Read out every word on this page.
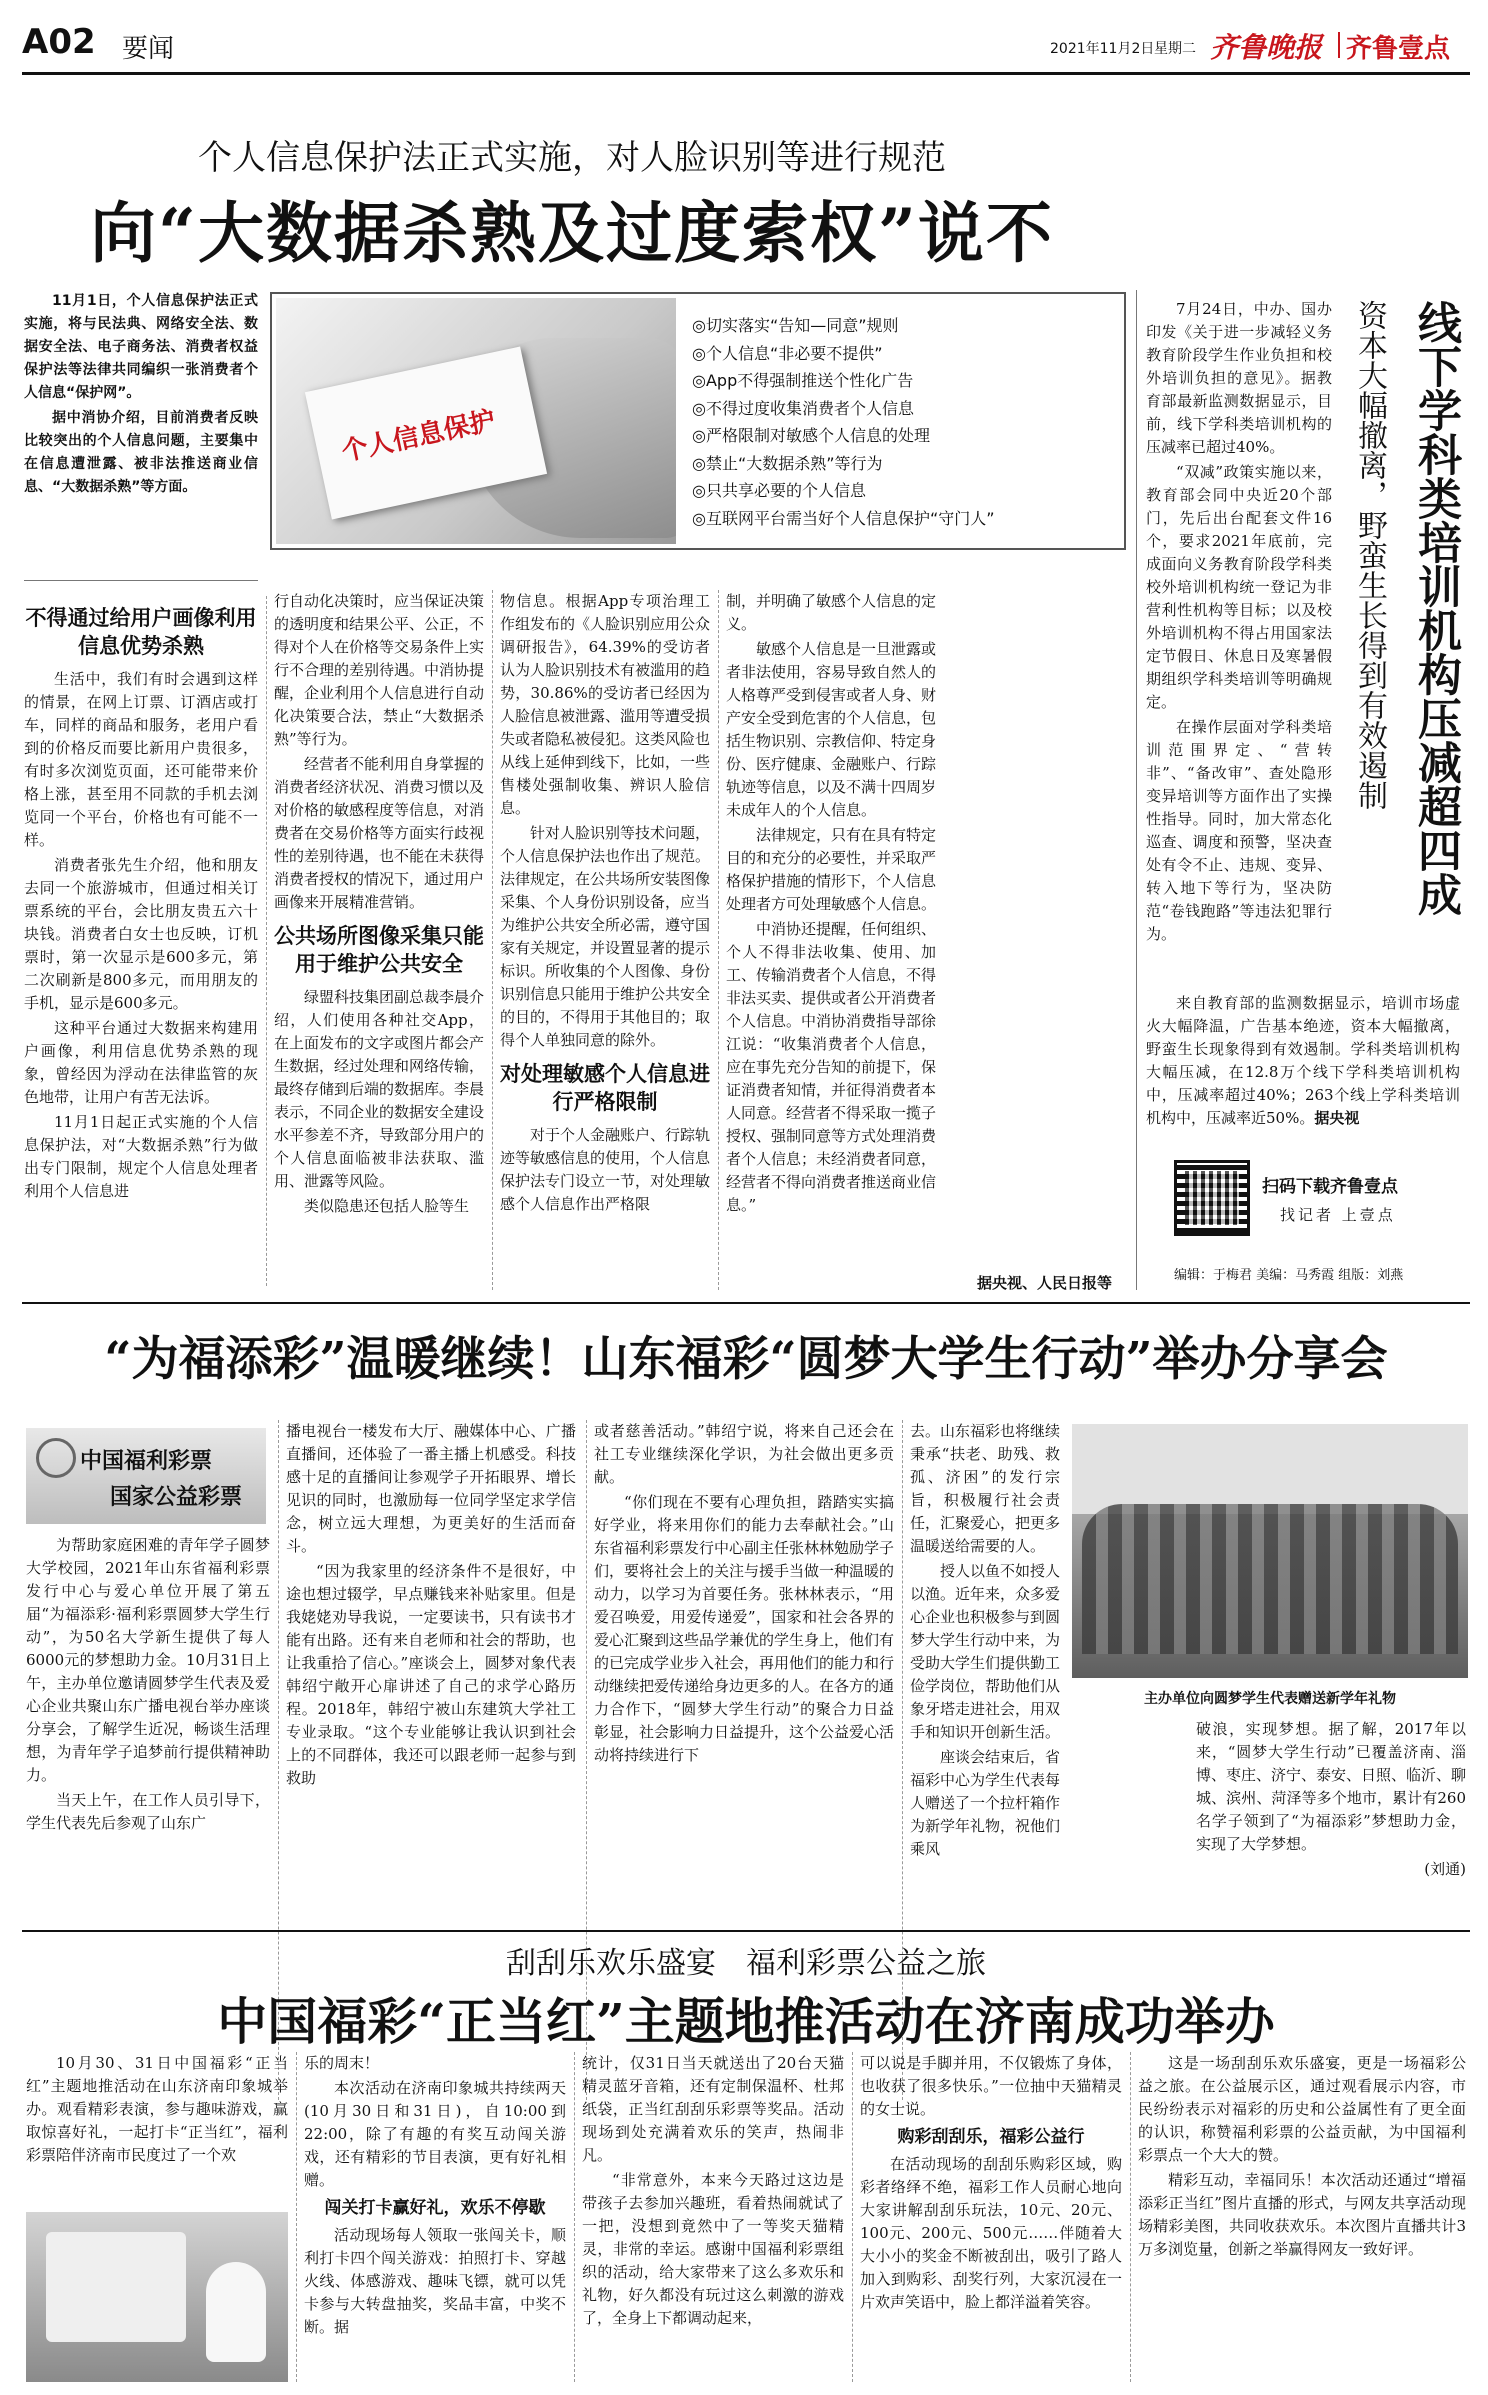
A02 要闻	2021年11月2日 星期二 齐鲁晚报 齐鲁壹点
个人信息保护法正式实施，对人脸识别等进行规范
向“大数据杀熟及过度索权”说不

11月1日，个人信息保护法正式实施，将与民法典、网络安全法、数据安全法、电子商务法、消费者权益保护法等法律共同编织一张消费者个人信息“保护网”。

据中消协介绍，目前消费者反映比较突出的个人信息问题，主要集中在信息遭泄露、被非法推送商业信息、“大数据杀熟”等方面。

个人信息保护
◎切实落实“告知—同意”规则
◎个人信息“非必要不提供”
◎App不得强制推送个性化广告
◎不得过度收集消费者个人信息
◎严格限制对敏感个人信息的处理
◎禁止“大数据杀熟”等行为
◎只共享必要的个人信息
◎互联网平台需当好个人信息保护“守门人”
不得通过给用户画像利用信息优势杀熟

生活中，我们有时会遇到这样的情景，在网上订票、订酒店或打车，同样的商品和服务，老用户看到的价格反而要比新用户贵很多，有时多次浏览页面，还可能带来价格上涨，甚至用不同款的手机去浏览同一个平台，价格也有可能不一样。

消费者张先生介绍，他和朋友去同一个旅游城市，但通过相关订票系统的平台，会比朋友贵五六十块钱。消费者白女士也反映，订机票时，第一次显示是600多元，第二次刷新是800多元，而用朋友的手机，显示是600多元。

这种平台通过大数据来构建用户画像，利用信息优势杀熟的现象，曾经因为浮动在法律监管的灰色地带，让用户有苦无法诉。

11月1日起正式实施的个人信息保护法，对“大数据杀熟”行为做出专门限制，规定个人信息处理者利用个人信息进

行自动化决策时，应当保证决策的透明度和结果公平、公正，不得对个人在价格等交易条件上实行不合理的差别待遇。中消协提醒，企业利用个人信息进行自动化决策要合法，禁止“大数据杀熟”等行为。

经营者不能利用自身掌握的消费者经济状况、消费习惯以及对价格的敏感程度等信息，对消费者在交易价格等方面实行歧视性的差别待遇，也不能在未获得消费者授权的情况下，通过用户画像来开展精准营销。

公共场所图像采集只能用于维护公共安全

绿盟科技集团副总裁李晨介绍，人们使用各种社交App，在上面发布的文字或图片都会产生数据，经过处理和网络传输，最终存储到后端的数据库。李晨表示，不同企业的数据安全建设水平参差不齐，导致部分用户的个人信息面临被非法获取、滥用、泄露等风险。

类似隐患还包括人脸等生

物信息。根据App专项治理工作组发布的《人脸识别应用公众调研报告》，64.39%的受访者认为人脸识别技术有被滥用的趋势，30.86%的受访者已经因为人脸信息被泄露、滥用等遭受损失或者隐私被侵犯。这类风险也从线上延伸到线下，比如，一些售楼处强制收集、辨识人脸信息。

针对人脸识别等技术问题，个人信息保护法也作出了规范。法律规定，在公共场所安装图像采集、个人身份识别设备，应当为维护公共安全所必需，遵守国家有关规定，并设置显著的提示标识。所收集的个人图像、身份识别信息只能用于维护公共安全的目的，不得用于其他目的；取得个人单独同意的除外。

对处理敏感个人信息进行严格限制

对于个人金融账户、行踪轨迹等敏感信息的使用，个人信息保护法专门设立一节，对处理敏感个人信息作出严格限

制，并明确了敏感个人信息的定义。

敏感个人信息是一旦泄露或者非法使用，容易导致自然人的人格尊严受到侵害或者人身、财产安全受到危害的个人信息，包括生物识别、宗教信仰、特定身份、医疗健康、金融账户、行踪轨迹等信息，以及不满十四周岁未成年人的个人信息。

法律规定，只有在具有特定目的和充分的必要性，并采取严格保护措施的情形下，个人信息处理者方可处理敏感个人信息。

中消协还提醒，任何组织、个人不得非法收集、使用、加工、传输消费者个人信息，不得非法买卖、提供或者公开消费者个人信息。中消协消费指导部徐江说：“收集消费者个人信息，应在事先充分告知的前提下，保证消费者知情，并征得消费者本人同意。经营者不得采取一揽子授权、强制同意等方式处理消费者个人信息；未经消费者同意，经营者不得向消费者推送商业信息。”

据央视、人民日报等
线下学科类培训机构压减超四成
资本大幅撤离，野蛮生长得到有效遏制

7月24日，中办、国办印发《关于进一步减轻义务教育阶段学生作业负担和校外培训负担的意见》。据教育部最新监测数据显示，目前，线下学科类培训机构的压减率已超过40%。

“双减”政策实施以来，教育部会同中央近20个部门，先后出台配套文件16个，要求2021年底前，完成面向义务教育阶段学科类校外培训机构统一登记为非营利性机构等目标；以及校外培训机构不得占用国家法定节假日、休息日及寒暑假期组织学科类培训等明确规定。

在操作层面对学科类培训范围界定、“营转非”、“备改审”、查处隐形变异培训等方面作出了实操性指导。同时，加大常态化巡查、调度和预警，坚决查处有令不止、违规、变异、转入地下等行为，坚决防范“卷钱跑路”等违法犯罪行为。

来自教育部的监测数据显示，培训市场虚火大幅降温，广告基本绝迹，资本大幅撤离，野蛮生长现象得到有效遏制。学科类培训机构大幅压减，在12.8万个线下学科类培训机构中，压减率超过40%；263个线上学科类培训机构中，压减率近50%。据央视

扫码下载齐鲁壹点
找记者 上壹点
编辑：于梅君 美编：马秀霞 组版：刘燕
“为福添彩”温暖继续！山东福彩“圆梦大学生行动”举办分享会
中国福利彩票
国家公益彩票

为帮助家庭困难的青年学子圆梦大学校园，2021年山东省福利彩票发行中心与爱心单位开展了第五届“为福添彩·福利彩票圆梦大学生行动”，为50名大学新生提供了每人6000元的梦想助力金。10月31日上午，主办单位邀请圆梦学生代表及爱心企业共聚山东广播电视台举办座谈分享会，了解学生近况，畅谈生活理想，为青年学子追梦前行提供精神助力。

当天上午，在工作人员引导下，学生代表先后参观了山东广

播电视台一楼发布大厅、融媒体中心、广播直播间，还体验了一番主播上机感受。科技感十足的直播间让参观学子开拓眼界、增长见识的同时，也激励每一位同学坚定求学信念，树立远大理想，为更美好的生活而奋斗。

“因为我家里的经济条件不是很好，中途也想过辍学，早点赚钱来补贴家里。但是我姥姥劝导我说，一定要读书，只有读书才能有出路。还有来自老师和社会的帮助，也让我重拾了信心。”座谈会上，圆梦对象代表韩绍宁敞开心扉讲述了自己的求学心路历程。2018年，韩绍宁被山东建筑大学社工专业录取。“这个专业能够让我认识到社会上的不同群体，我还可以跟老师一起参与到救助

或者慈善活动。”韩绍宁说，将来自己还会在社工专业继续深化学识，为社会做出更多贡献。

“你们现在不要有心理负担，踏踏实实搞好学业，将来用你们的能力去奉献社会。”山东省福利彩票发行中心副主任张林林勉励学子们，要将社会上的关注与援手当做一种温暖的动力，以学习为首要任务。张林林表示，“用爱召唤爱，用爱传递爱”，国家和社会各界的爱心汇聚到这些品学兼优的学生身上，他们有的已完成学业步入社会，再用他们的能力和行动继续把爱传递给身边更多的人。在各方的通力合作下，“圆梦大学生行动”的聚合力日益彰显，社会影响力日益提升，这个公益爱心活动将持续进行下

去。山东福彩也将继续秉承“扶老、助残、救孤、济困”的发行宗旨，积极履行社会责任，汇聚爱心，把更多温暖送给需要的人。

授人以鱼不如授人以渔。近年来，众多爱心企业也积极参与到圆梦大学生行动中来，为受助大学生们提供勤工俭学岗位，帮助他们从象牙塔走进社会，用双手和知识开创新生活。

座谈会结束后，省福彩中心为学生代表每人赠送了一个拉杆箱作为新学年礼物，祝他们乘风

主办单位向圆梦学生代表赠送新学年礼物

破浪，实现梦想。据了解，2017年以来，“圆梦大学生行动”已覆盖济南、淄博、枣庄、济宁、泰安、日照、临沂、聊城、滨州、菏泽等多个地市，累计有260名学子领到了“为福添彩”梦想助力金，实现了大学梦想。

(刘通)
刮刮乐欢乐盛宴　福利彩票公益之旅
中国福彩“正当红”主题地推活动在济南成功举办

10月30、31日中国福彩“正当红”主题地推活动在山东济南印象城举办。观看精彩表演，参与趣味游戏，赢取惊喜好礼，一起打卡“正当红”，福利彩票陪伴济南市民度过了一个欢

乐的周末！

本次活动在济南印象城共持续两天(10月30日和31日)，自10:00到22:00，除了有趣的有奖互动闯关游戏，还有精彩的节目表演，更有好礼相赠。

闯关打卡赢好礼，欢乐不停歇

活动现场每人领取一张闯关卡，顺利打卡四个闯关游戏：拍照打卡、穿越火线、体感游戏、趣味飞镖，就可以凭卡参与大转盘抽奖，奖品丰富，中奖不断。据

统计，仅31日当天就送出了20台天猫精灵蓝牙音箱，还有定制保温杯、杜邦纸袋，正当红刮刮乐彩票等奖品。活动现场到处充满着欢乐的笑声，热闹非凡。

“非常意外，本来今天路过这边是带孩子去参加兴趣班，看着热闹就试了一把，没想到竟然中了一等奖天猫精灵，非常的幸运。感谢中国福利彩票组织的活动，给大家带来了这么多欢乐和礼物，好久都没有玩过这么刺激的游戏了，全身上下都调动起来，

可以说是手脚并用，不仅锻炼了身体，也收获了很多快乐。”一位抽中天猫精灵的女士说。

购彩刮刮乐，福彩公益行

在活动现场的刮刮乐购彩区域，购彩者络绎不绝，福彩工作人员耐心地向大家讲解刮刮乐玩法，10元、20元、100元、200元、500元……伴随着大大小小的奖金不断被刮出，吸引了路人加入到购彩、刮奖行列，大家沉浸在一片欢声笑语中，脸上都洋溢着笑容。

这是一场刮刮乐欢乐盛宴，更是一场福彩公益之旅。在公益展示区，通过观看展示内容，市民纷纷表示对福彩的历史和公益属性有了更全面的认识，称赞福利彩票的公益贡献，为中国福利彩票点一个大大的赞。

精彩互动，幸福同乐！本次活动还通过“增福添彩正当红”图片直播的形式，与网友共享活动现场精彩美图，共同收获欢乐。本次图片直播共计3万多浏览量，创新之举赢得网友一致好评。
